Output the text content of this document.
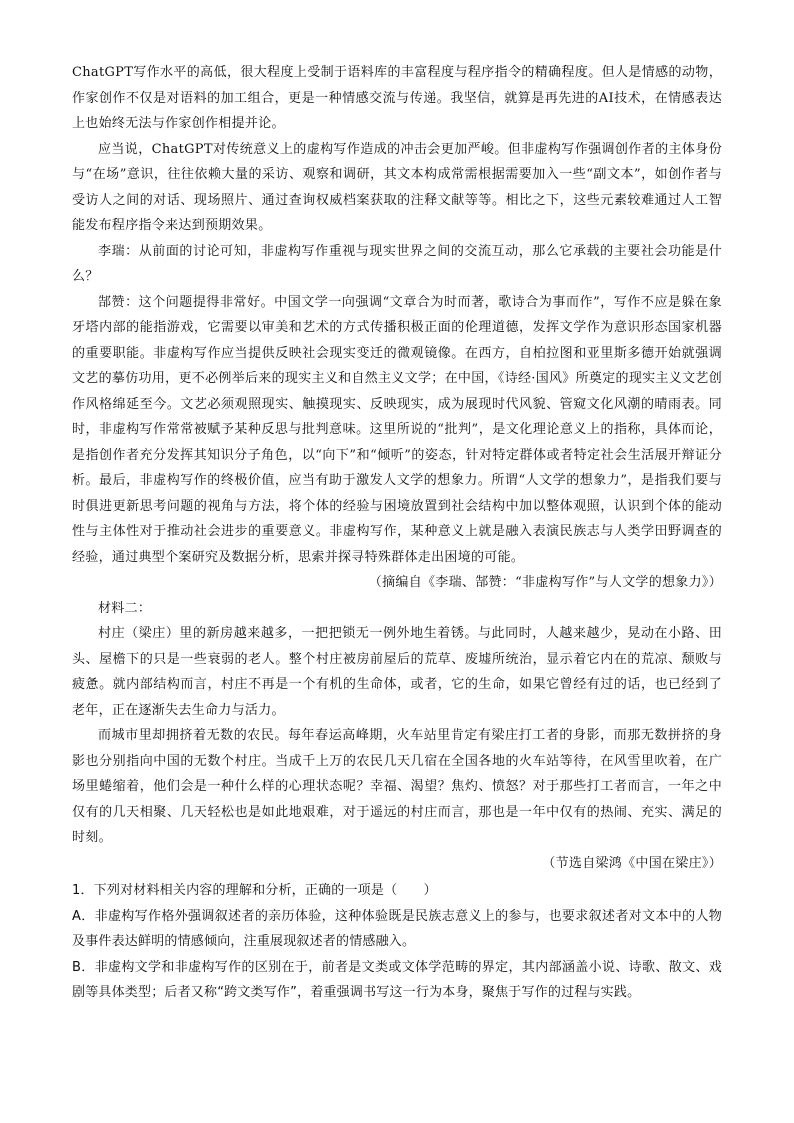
ChatGPT写作水平的高低，很大程度上受制于语料库的丰富程度与程序指令的精确程度。但人是情感的动物，作家创作不仅是对语料的加工组合，更是一种情感交流与传递。我坚信，就算是再先进的AI技术，在情感表达上也始终无法与作家创作相提并论。

应当说，ChatGPT对传统意义上的虚构写作造成的冲击会更加严峻。但非虚构写作强调创作者的主体身份与“在场”意识，往往依赖大量的采访、观察和调研，其文本构成常需根据需要加入一些“副文本”，如创作者与受访人之间的对话、现场照片、通过查询权威档案获取的注释文献等等。相比之下，这些元素较难通过人工智能发布程序指令来达到预期效果。

李瑞：从前面的讨论可知，非虚构写作重视与现实世界之间的交流互动，那么它承载的主要社会功能是什么？

郜赞：这个问题提得非常好。中国文学一向强调“文章合为时而著，歌诗合为事而作”，写作不应是躲在象牙塔内部的能指游戏，它需要以审美和艺术的方式传播积极正面的伦理道德，发挥文学作为意识形态国家机器的重要职能。非虚构写作应当提供反映社会现实变迁的微观镜像。在西方，自柏拉图和亚里斯多德开始就强调文艺的摹仿功用，更不必例举后来的现实主义和自然主义文学；在中国，《诗经·国风》所奠定的现实主义文艺创作风格绵延至今。文艺必须观照现实、触摸现实、反映现实，成为展现时代风貌、管窥文化风潮的晴雨表。同时，非虚构写作常常被赋予某种反思与批判意味。这里所说的“批判”，是文化理论意义上的指称，具体而论，是指创作者充分发挥其知识分子角色，以“向下”和“倾听”的姿态，针对特定群体或者特定社会生活展开辩证分析。最后，非虚构写作的终极价值，应当有助于激发人文学的想象力。所谓“人文学的想象力”，是指我们要与时俱进更新思考问题的视角与方法，将个体的经验与困境放置到社会结构中加以整体观照，认识到个体的能动性与主体性对于推动社会进步的重要意义。非虚构写作，某种意义上就是融入表演民族志与人类学田野调查的经验，通过典型个案研究及数据分析，思索并探寻特殊群体走出困境的可能。

（摘编自《李瑞、郜赞：“非虚构写作”与人文学的想象力》）

材料二：

村庄（梁庄）里的新房越来越多，一把把锁无一例外地生着锈。与此同时，人越来越少，晃动在小路、田头、屋檐下的只是一些衰弱的老人。整个村庄被房前屋后的荒草、废墟所统治，显示着它内在的荒凉、颓败与疲惫。就内部结构而言，村庄不再是一个有机的生命体，或者，它的生命，如果它曾经有过的话，也已经到了老年，正在逐渐失去生命力与活力。

而城市里却拥挤着无数的农民。每年春运高峰期，火车站里肯定有梁庄打工者的身影，而那无数拼挤的身影也分别指向中国的无数个村庄。当成千上万的农民几天几宿在全国各地的火车站等待，在风雪里吹着，在广场里蜷缩着，他们会是一种什么样的心理状态呢？幸福、渴望？焦灼、愤怒？对于那些打工者而言，一年之中仅有的几天相聚、几天轻松也是如此地艰难，对于遥远的村庄而言，那也是一年中仅有的热闹、充实、满足的时刻。

（节选自梁鸿《中国在梁庄》）

1．下列对材料相关内容的理解和分析，正确的一项是（　　）

A．非虚构写作格外强调叙述者的亲历体验，这种体验既是民族志意义上的参与，也要求叙述者对文本中的人物及事件表达鲜明的情感倾向，注重展现叙述者的情感融入。

B．非虚构文学和非虚构写作的区别在于，前者是文类或文体学范畴的界定，其内部涵盖小说、诗歌、散文、戏剧等具体类型；后者又称“跨文类写作”，着重强调书写这一行为本身，聚焦于写作的过程与实践。
